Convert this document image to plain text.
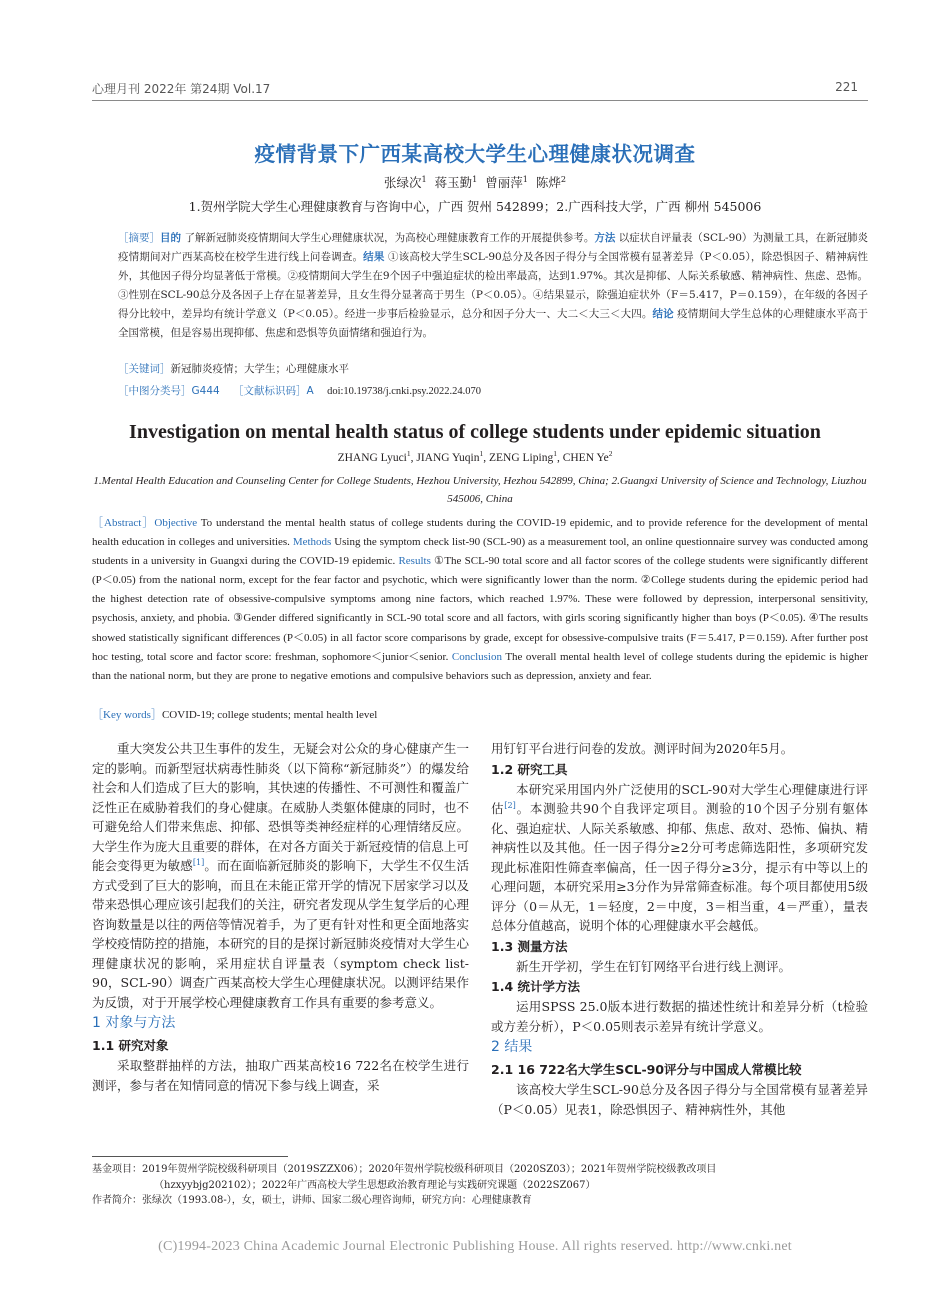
心理月刊 2022年 第24期 Vol.17	221
疫情背景下广西某高校大学生心理健康状况调查
张绿次$^1$ 蒋玉勤$^1$ 曾丽萍$^1$ 陈烨$^2$
1.贺州学院大学生心理健康教育与咨询中心，广西 贺州 542899；2.广西科技大学，广西 柳州 545006
［摘要］目的 了解新冠肺炎疫情期间大学生心理健康状况，为高校心理健康教育工作的开展提供参考。方法 以症状自评量表（SCL-90）为测量工具，在新冠肺炎疫情期间对广西某高校在校学生进行线上问卷调查。结果 ①该高校大学生SCL-90总分及各因子得分与全国常模有显著差异（P＜0.05），除恐惧因子、精神病性外，其他因子得分均显著低于常模。②疫情期间大学生在9个因子中强迫症状的检出率最高，达到1.97%。其次是抑郁、人际关系敏感、精神病性、焦虑、恐怖。③性别在SCL-90总分及各因子上存在显著差异，且女生得分显著高于男生（P＜0.05）。④结果显示，除强迫症状外（F＝5.417，P＝0.159），在年级的各因子得分比较中，差异均有统计学意义（P＜0.05）。经进一步事后检验显示，总分和因子分大一、大二＜大三＜大四。结论 疫情期间大学生总体的心理健康水平高于全国常模，但是容易出现抑郁、焦虑和恐惧等负面情绪和强迫行为。
［关键词］新冠肺炎疫情；大学生；心理健康水平
［中图分类号］G444 ［文献标识码］A doi:10.19738/j.cnki.psy.2022.24.070
Investigation on mental health status of college students under epidemic situation
ZHANG Lyuci$^1$, JIANG Yuqin$^1$, ZENG Liping$^1$, CHEN Ye$^2$
1.Mental Health Education and Counseling Center for College Students, Hezhou University, Hezhou 542899, China; 2.Guangxi University of Science and Technology, Liuzhou 545006, China
［Abstract］Objective To understand the mental health status of college students during the COVID-19 epidemic, and to provide reference for the development of mental health education in colleges and universities. Methods Using the symptom check list-90 (SCL-90) as a measurement tool, an online questionnaire survey was conducted among students in a university in Guangxi during the COVID-19 epidemic. Results ①The SCL-90 total score and all factor scores of the college students were significantly different (P＜0.05) from the national norm, except for the fear factor and psychotic, which were significantly lower than the norm. ②College students during the epidemic period had the highest detection rate of obsessive-compulsive symptoms among nine factors, which reached 1.97%. These were followed by depression, interpersonal sensitivity, psychosis, anxiety, and phobia. ③Gender differed significantly in SCL-90 total score and all factors, with girls scoring significantly higher than boys (P＜0.05). ④The results showed statistically significant differences (P＜0.05) in all factor score comparisons by grade, except for obsessive-compulsive traits (F＝5.417, P＝0.159). After further post hoc testing, total score and factor score: freshman, sophomore＜junior＜senior. Conclusion The overall mental health level of college students during the epidemic is higher than the national norm, but they are prone to negative emotions and compulsive behaviors such as depression, anxiety and fear.
［Key words］COVID-19; college students; mental health level

重大突发公共卫生事件的发生，无疑会对公众的身心健康产生一定的影响。而新型冠状病毒性肺炎（以下简称“新冠肺炎”）的爆发给社会和人们造成了巨大的影响，其快速的传播性、不可测性和覆盖广泛性正在威胁着我们的身心健康。在威胁人类躯体健康的同时，也不可避免给人们带来焦虑、抑郁、恐惧等类神经症样的心理情绪反应。大学生作为庞大且重要的群体，在对各方面关于新冠疫情的信息上可能会变得更为敏感[1]。而在面临新冠肺炎的影响下，大学生不仅生活方式受到了巨大的影响，而且在未能正常开学的情况下居家学习以及带来恐惧心理应该引起我们的关注，研究者发现从学生复学后的心理咨询数量是以往的两倍等情况着手，为了更有针对性和更全面地落实学校疫情防控的措施，本研究的目的是探讨新冠肺炎疫情对大学生心理健康状况的影响，采用症状自评量表（symptom check list-90，SCL-90）调查广西某高校大学生心理健康状况。以测评结果作为反馈，对于开展学校心理健康教育工作具有重要的参考意义。

1 对象与方法
1.1 研究对象

采取整群抽样的方法，抽取广西某高校16 722名在校学生进行测评，参与者在知情同意的情况下参与线上调查，采

用钉钉平台进行问卷的发放。测评时间为2020年5月。

1.2 研究工具

本研究采用国内外广泛使用的SCL-90对大学生心理健康进行评估[2]。本测验共90个自我评定项目。测验的10个因子分别有躯体化、强迫症状、人际关系敏感、抑郁、焦虑、敌对、恐怖、偏执、精神病性以及其他。任一因子得分≥2分可考虑筛选阳性，多项研究发现此标准阳性筛查率偏高，任一因子得分≥3分，提示有中等以上的心理问题，本研究采用≥3分作为异常筛查标准。每个项目都使用5级评分（0＝从无，1＝轻度，2＝中度，3＝相当重，4＝严重），量表总体分值越高，说明个体的心理健康水平会越低。

1.3 测量方法

新生开学初，学生在钉钉网络平台进行线上测评。

1.4 统计学方法

运用SPSS 25.0版本进行数据的描述性统计和差异分析（t检验或方差分析），P＜0.05则表示差异有统计学意义。

2 结果
2.1 16 722名大学生SCL-90评分与中国成人常模比较

该高校大学生SCL-90总分及各因子得分与全国常模有显著差异（P＜0.05）见表1，除恐惧因子、精神病性外，其他

基金项目：2019年贺州学院校级科研项目（2019SZZX06）；2020年贺州学院校级科研项目（2020SZ03）；2021年贺州学院校级教改项目
（hzxyybjg202102）；2022年广西高校大学生思想政治教育理论与实践研究课题（2022SZ067）
作者简介：张绿次（1993.08-），女，硕士，讲师、国家二级心理咨询师，研究方向：心理健康教育
(C)1994-2023 China Academic Journal Electronic Publishing House. All rights reserved. http://www.cnki.net
